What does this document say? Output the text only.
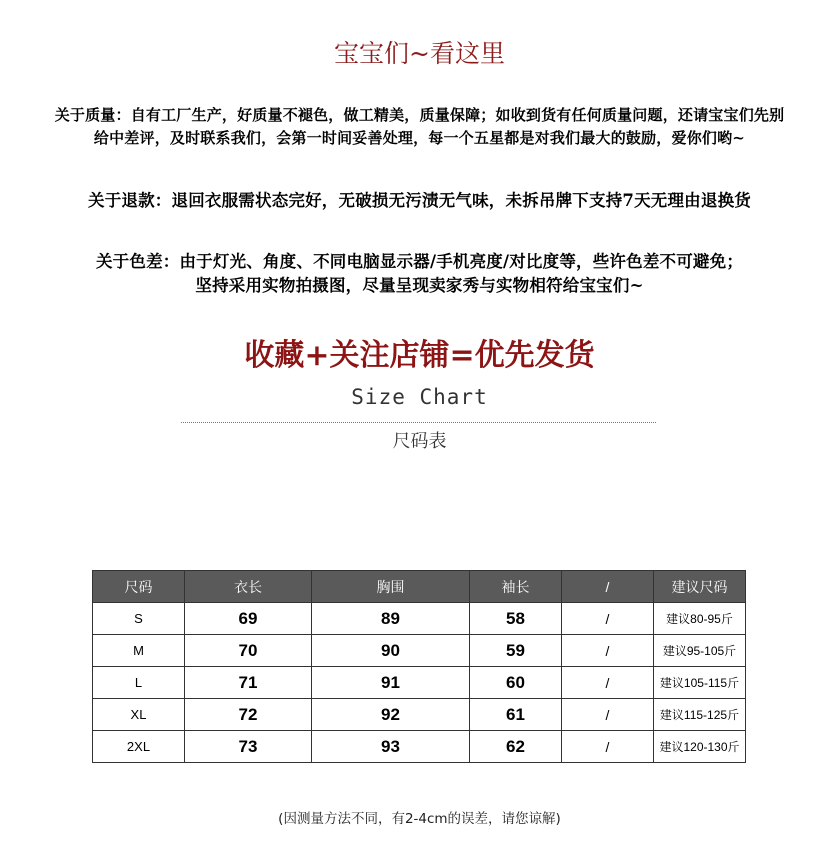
宝宝们~看这里
关于质量：自有工厂生产，好质量不褪色，做工精美，质量保障；如收到货有任何质量问题，还请宝宝们先别
给中差评，及时联系我们，会第一时间妥善处理，每一个五星都是对我们最大的鼓励，爱你们哟~
关于退款：退回衣服需状态完好，无破损无污渍无气味，未拆吊牌下支持7天无理由退换货
关于色差：由于灯光、角度、不同电脑显示器/手机亮度/对比度等，些许色差不可避免；
坚持采用实物拍摄图，尽量呈现卖家秀与实物相符给宝宝们~
收藏+关注店铺=优先发货
Size Chart
尺码表
尺码	衣长	胸围	袖长	/	建议尺码
S	69	89	58	/	建议80-95斤
M	70	90	59	/	建议95-105斤
L	71	91	60	/	建议105-115斤
XL	72	92	61	/	建议115-125斤
2XL	73	93	62	/	建议120-130斤
(因测量方法不同，有2-4cm的误差，请您谅解)
